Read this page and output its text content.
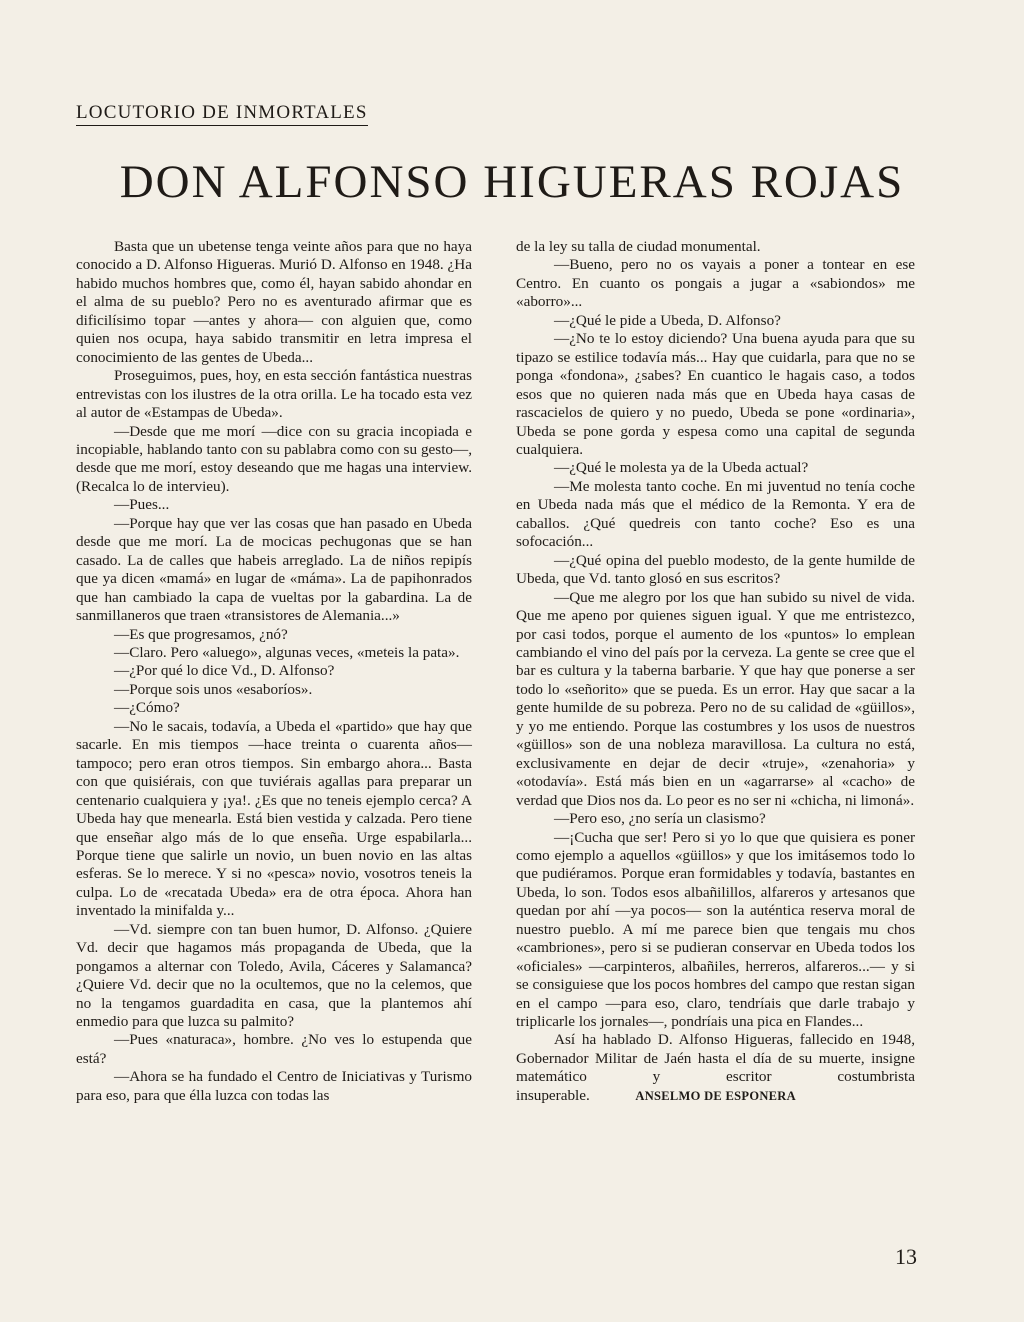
LOCUTORIO DE INMORTALES
DON ALFONSO HIGUERAS ROJAS

Basta que un ubetense tenga veinte años para que no haya conocido a D. Alfonso Higueras. Murió D. Alfonso en 1948. ¿Ha habido muchos hombres que, como él, hayan sabido ahondar en el alma de su pueblo? Pero no es aventurado afirmar que es dificilísimo topar —antes y ahora— con alguien que, como quien nos ocupa, haya sabido transmitir en letra impresa el conocimiento de las gentes de Ubeda...

Proseguimos, pues, hoy, en esta sección fantástica nuestras entrevistas con los ilustres de la otra orilla. Le ha tocado esta vez al autor de «Estampas de Ubeda».

—Desde que me morí —dice con su gracia incopiada e incopiable, hablando tanto con su pablabra como con su gesto—, desde que me morí, estoy deseando que me hagas una interview. (Recalca lo de intervieu).

—Pues...

—Porque hay que ver las cosas que han pasado en Ubeda desde que me morí. La de mocicas pechugonas que se han casado. La de calles que habeis arreglado. La de niños repipís que ya dicen «mamá» en lugar de «máma». La de papihonrados que han cambiado la capa de vueltas por la gabardina. La de sanmillaneros que traen «transistores de Alemania...»

—Es que progresamos, ¿nó?

—Claro. Pero «aluego», algunas veces, «meteis la pata».

—¿Por qué lo dice Vd., D. Alfonso?

—Porque sois unos «esaboríos».

—¿Cómo?

—No le sacais, todavía, a Ubeda el «partido» que hay que sacarle. En mis tiempos —hace treinta o cuarenta años— tampoco; pero eran otros tiempos. Sin embargo ahora... Basta con que quisiérais, con que tuviérais agallas para preparar un centenario cualquiera y ¡ya!. ¿Es que no teneis ejemplo cerca? A Ubeda hay que menearla. Está bien vestida y calzada. Pero tiene que enseñar algo más de lo que enseña. Urge espabilarla... Porque tiene que salirle un novio, un buen novio en las altas esferas. Se lo merece. Y si no «pesca» novio, vosotros teneis la culpa. Lo de «recatada Ubeda» era de otra época. Ahora han inventado la minifalda y...

—Vd. siempre con tan buen humor, D. Alfonso. ¿Quiere Vd. decir que hagamos más propaganda de Ubeda, que la pongamos a alternar con Toledo, Avila, Cáceres y Salamanca? ¿Quiere Vd. decir que no la ocultemos, que no la celemos, que no la tengamos guardadita en casa, que la plantemos ahí enmedio para que luzca su palmito?

—Pues «naturaca», hombre. ¿No ves lo estupenda que está?

—Ahora se ha fundado el Centro de Iniciativas y Turismo para eso, para que élla luzca con todas las

de la ley su talla de ciudad monumental.

—Bueno, pero no os vayais a poner a tontear en ese Centro. En cuanto os pongais a jugar a «sabiondos» me «aborro»...

—¿Qué le pide a Ubeda, D. Alfonso?

—¿No te lo estoy diciendo? Una buena ayuda para que su tipazo se estilice todavía más... Hay que cuidarla, para que no se ponga «fondona», ¿sabes? En cuantico le hagais caso, a todos esos que no quieren nada más que en Ubeda haya casas de rascacielos de quiero y no puedo, Ubeda se pone «ordinaria», Ubeda se pone gorda y espesa como una capital de segunda cualquiera.

—¿Qué le molesta ya de la Ubeda actual?

—Me molesta tanto coche. En mi juventud no tenía coche en Ubeda nada más que el médico de la Remonta. Y era de caballos. ¿Qué quedreis con tanto coche? Eso es una sofocación...

—¿Qué opina del pueblo modesto, de la gente humilde de Ubeda, que Vd. tanto glosó en sus escritos?

—Que me alegro por los que han subido su nivel de vida. Que me apeno por quienes siguen igual. Y que me entristezco, por casi todos, porque el aumento de los «puntos» lo emplean cambiando el vino del país por la cerveza. La gente se cree que el bar es cultura y la taberna barbarie. Y que hay que ponerse a ser todo lo «señorito» que se pueda. Es un error. Hay que sacar a la gente humilde de su pobreza. Pero no de su calidad de «güillos», y yo me entiendo. Porque las costumbres y los usos de nuestros «güillos» son de una nobleza maravillosa. La cultura no está, exclusivamente en dejar de decir «truje», «zenahoria» y «otodavía». Está más bien en un «agarrarse» al «cacho» de verdad que Dios nos da. Lo peor es no ser ni «chicha, ni limoná».

—Pero eso, ¿no sería un clasismo?

—¡Cucha que ser! Pero si yo lo que que quisiera es poner como ejemplo a aquellos «güillos» y que los imitásemos todo lo que pudiéramos. Porque eran formidables y todavía, bastantes en Ubeda, lo son. Todos esos albañilillos, alfareros y artesanos que quedan por ahí —ya pocos— son la auténtica reserva moral de nuestro pueblo. A mí me parece bien que tengais mu chos «cambriones», pero si se pudieran conservar en Ubeda todos los «oficiales» —carpinteros, albañiles, herreros, alfareros...— y si se consiguiese que los pocos hombres del campo que restan sigan en el campo —para eso, claro, tendríais que darle trabajo y triplicarle los jornales—, pondríais una pica en Flandes...

Así ha hablado D. Alfonso Higueras, fallecido en 1948, Gobernador Militar de Jaén hasta el día de su muerte, insigne matemático y escritor costumbrista insuperable.	ANSELMO DE ESPONERA

13
